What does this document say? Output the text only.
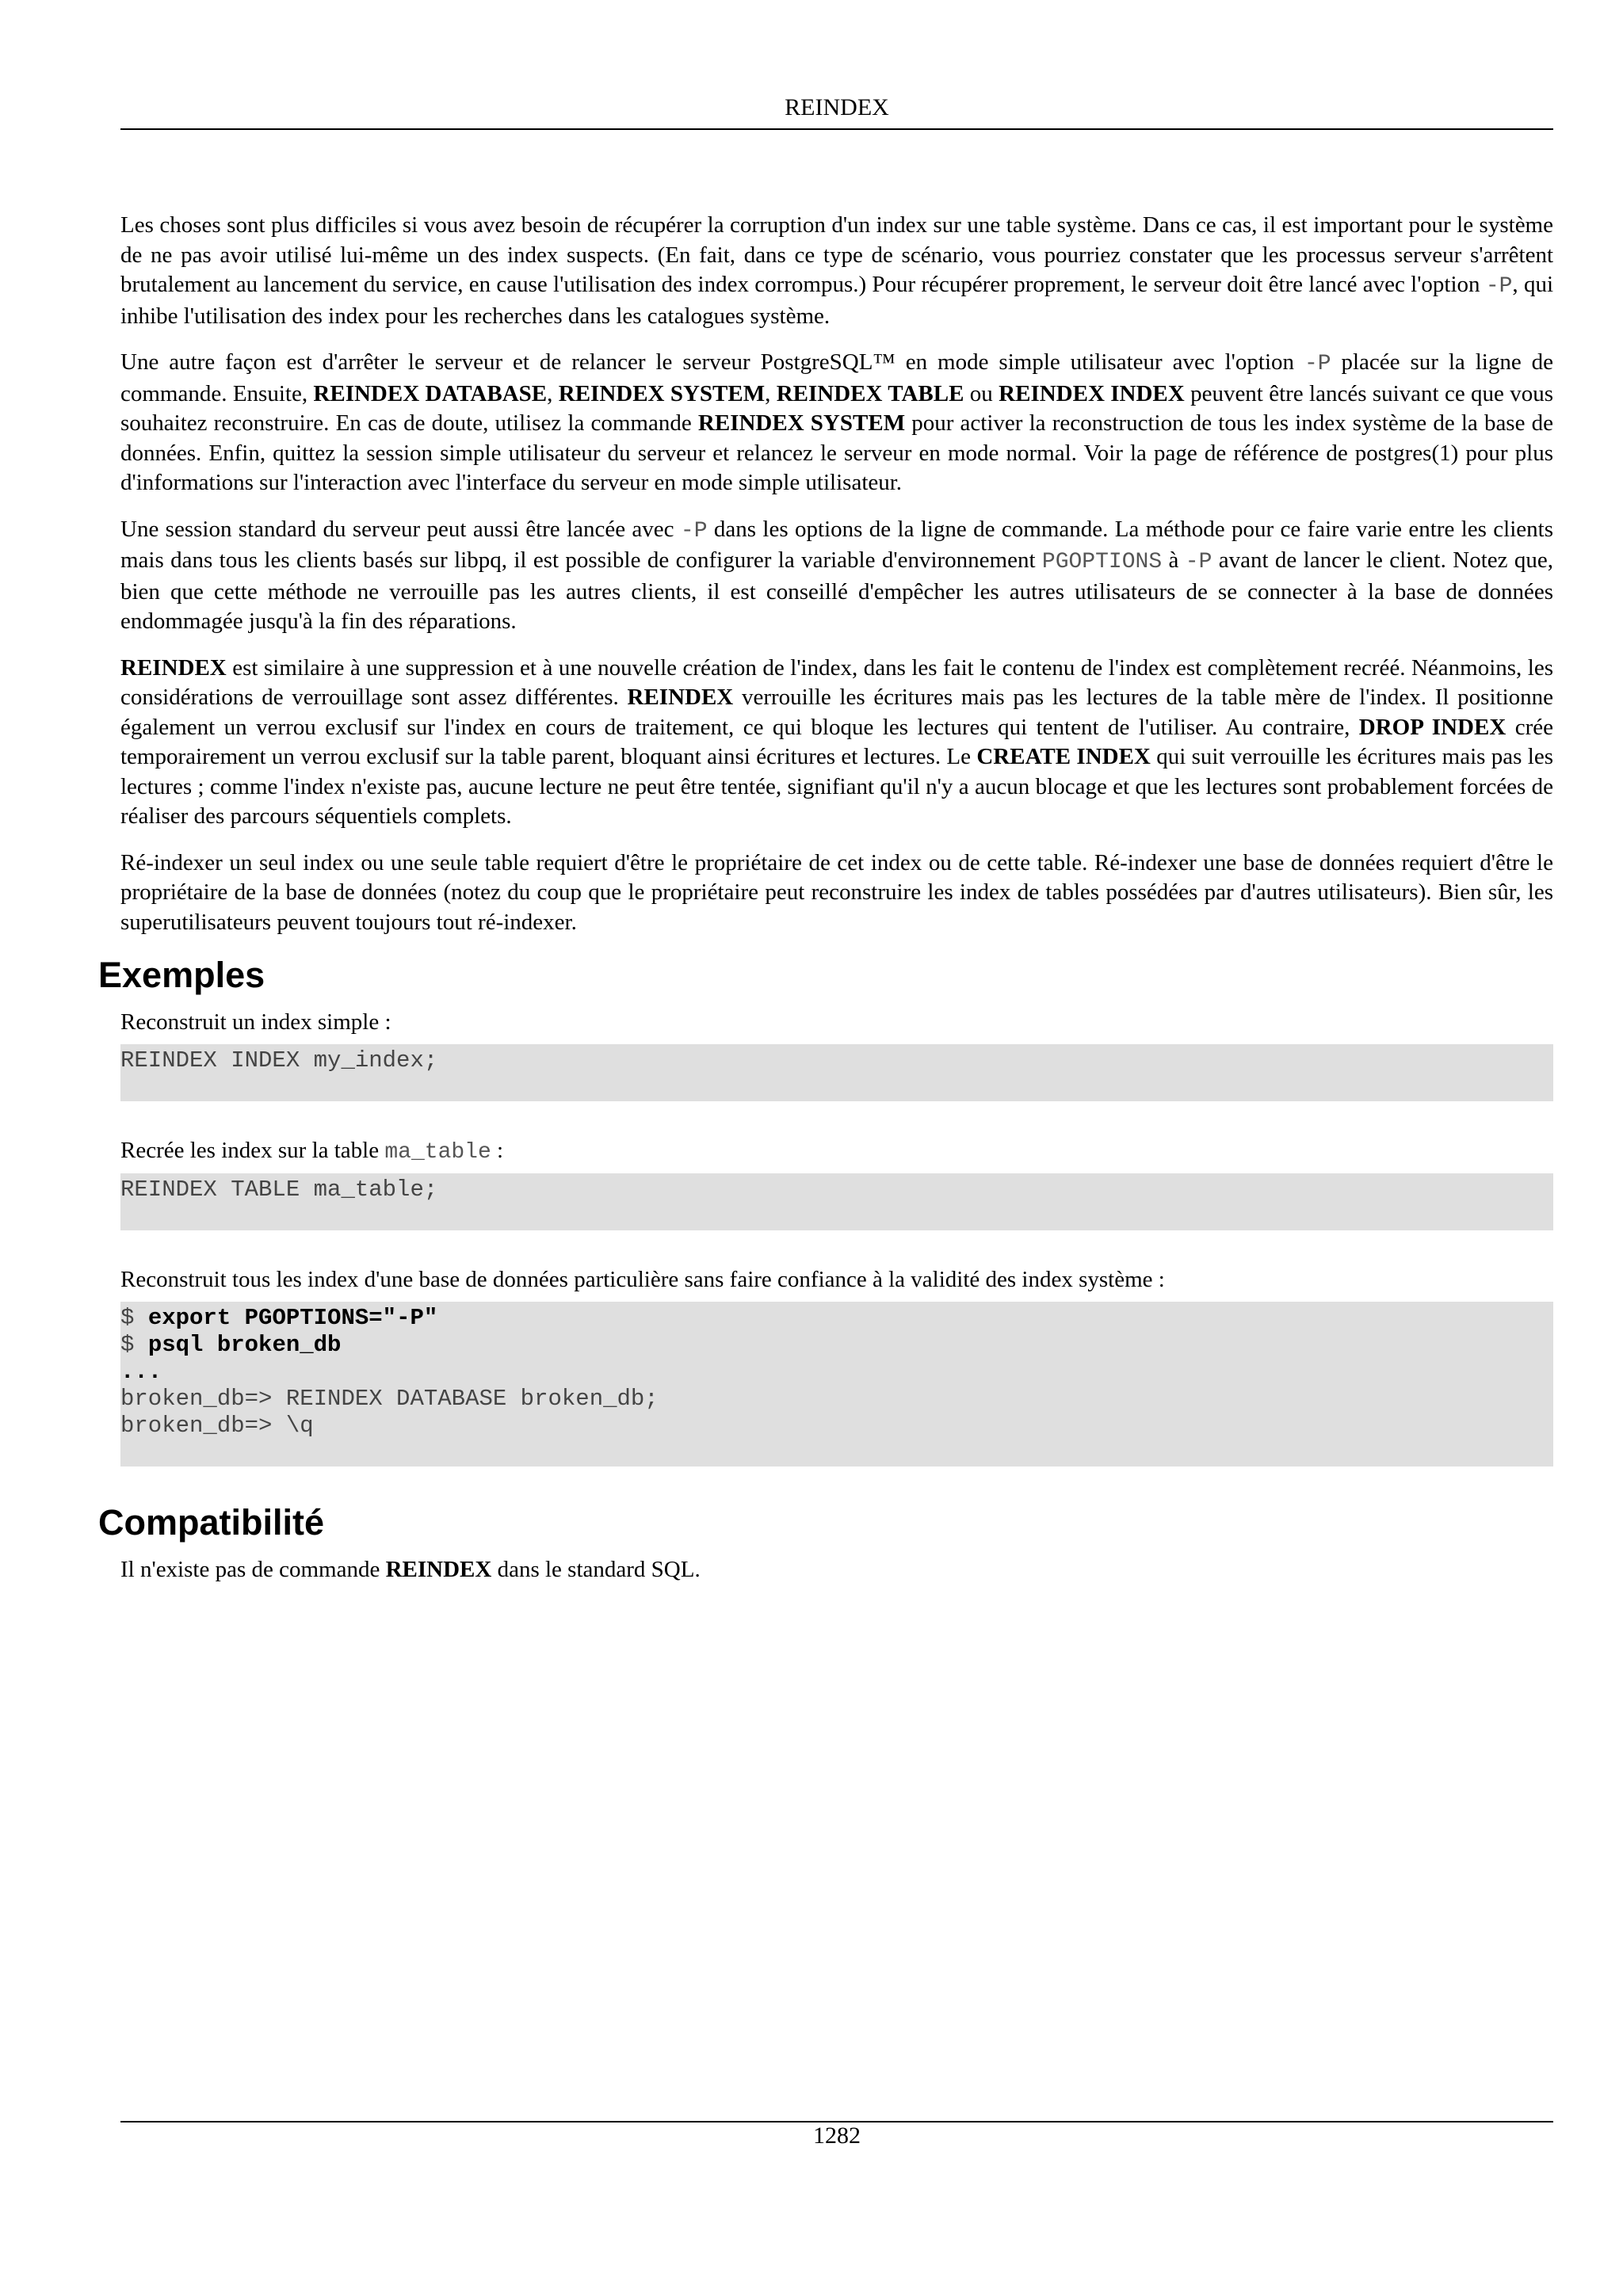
REINDEX

Les choses sont plus difficiles si vous avez besoin de récupérer la corruption d'un index sur une table système. Dans ce cas, il est important pour le système de ne pas avoir utilisé lui-même un des index suspects. (En fait, dans ce type de scénario, vous pourriez constater que les processus serveur s'arrêtent brutalement au lancement du service, en cause l'utilisation des index corrompus.) Pour récupérer proprement, le serveur doit être lancé avec l'option -P, qui inhibe l'utilisation des index pour les recherches dans les catalogues système.

Une autre façon est d'arrêter le serveur et de relancer le serveur PostgreSQL™ en mode simple utilisateur avec l'option -P placée sur la ligne de commande. Ensuite, REINDEX DATABASE, REINDEX SYSTEM, REINDEX TABLE ou REINDEX INDEX peuvent être lancés suivant ce que vous souhaitez reconstruire. En cas de doute, utilisez la commande REINDEX SYSTEM pour activer la reconstruction de tous les index système de la base de données. Enfin, quittez la session simple utilisateur du serveur et relancez le serveur en mode normal. Voir la page de référence de postgres(1) pour plus d'informations sur l'interaction avec l'interface du serveur en mode simple utilisateur.

Une session standard du serveur peut aussi être lancée avec -P dans les options de la ligne de commande. La méthode pour ce faire varie entre les clients mais dans tous les clients basés sur libpq, il est possible de configurer la variable d'environnement PGOPTIONS à -P avant de lancer le client. Notez que, bien que cette méthode ne verrouille pas les autres clients, il est conseillé d'empêcher les autres utilisateurs de se connecter à la base de données endommagée jusqu'à la fin des réparations.

REINDEX est similaire à une suppression et à une nouvelle création de l'index, dans les fait le contenu de l'index est complètement recréé. Néanmoins, les considérations de verrouillage sont assez différentes. REINDEX verrouille les écritures mais pas les lectures de la table mère de l'index. Il positionne également un verrou exclusif sur l'index en cours de traitement, ce qui bloque les lectures qui tentent de l'utiliser. Au contraire, DROP INDEX crée temporairement un verrou exclusif sur la table parent, bloquant ainsi écritures et lectures. Le CREATE INDEX qui suit verrouille les écritures mais pas les lectures ; comme l'index n'existe pas, aucune lecture ne peut être tentée, signifiant qu'il n'y a aucun blocage et que les lectures sont probablement forcées de réaliser des parcours séquentiels complets.

Ré-indexer un seul index ou une seule table requiert d'être le propriétaire de cet index ou de cette table. Ré-indexer une base de données requiert d'être le propriétaire de la base de données (notez du coup que le propriétaire peut reconstruire les index de tables possédées par d'autres utilisateurs). Bien sûr, les superutilisateurs peuvent toujours tout ré-indexer.

Exemples

Reconstruit un index simple :

REINDEX INDEX my_index;

Recrée les index sur la table ma_table :

REINDEX TABLE ma_table;

Reconstruit tous les index d'une base de données particulière sans faire confiance à la validité des index système :

$ export PGOPTIONS="-P"
$ psql broken_db
...
broken_db=> REINDEX DATABASE broken_db;
broken_db=> \q
Compatibilité

Il n'existe pas de commande REINDEX dans le standard SQL.

1282
